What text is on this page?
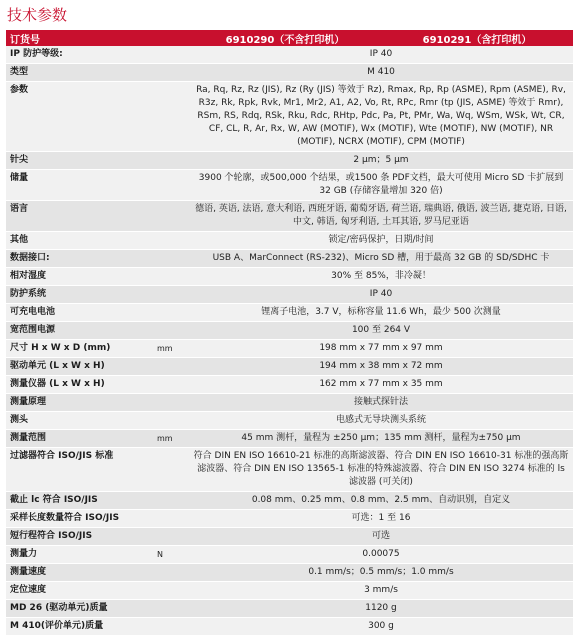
技术参数
订货号		6910290（不含打印机）	6910291（含打印机）
IP 防护等级:		IP 40	
类型		M 410	
参数		Ra, Rq, Rz, Rz (JIS), Rz (Ry (JIS) 等效于 Rz), Rmax, Rp, Rp (ASME), Rpm (ASME), Rv, R3z, Rk, Rpk, Rvk, Mr1, Mr2, A1, A2, Vo, Rt, RPc, Rmr (tp (JIS, ASME) 等效于 Rmr), RSm, RS, Rdq, RSk, Rku, Rdc, RHtp, Pdc, Pa, Pt, PMr, Wa, Wq, WSm, WSk, Wt, CR, CF, CL, R, Ar, Rx, W, AW (MOTIF), Wx (MOTIF), Wte (MOTIF), NW (MOTIF), NR (MOTIF), NCRX (MOTIF), CPM (MOTIF)	
针尖		2 µm；5 µm	
储量		3900 个轮廓，或500,000 个结果，或1500 条 PDF文档，最大可使用 Micro SD 卡扩展到 32 GB (存储容量增加 320 倍)	
语言		德语, 英语, 法语, 意大利语, 西班牙语, 葡萄牙语, 荷兰语, 瑞典语, 俄语, 波兰语, 捷克语, 日语, 中文, 韩语, 匈牙利语, 土耳其语, 罗马尼亚语	
其他		锁定/密码保护，日期/时间	
数据接口:		USB A、MarConnect (RS-232)、Micro SD 槽，用于最高 32 GB 的 SD/SDHC 卡	
相对湿度		30% 至 85%，非冷凝！	
防护系统		IP 40	
可充电电池		锂离子电池，3.7 V，标称容量 11.6 Wh，最少 500 次测量	
宽范围电源		100 至 264 V	
尺寸 H x W x D (mm)	mm	198 mm x 77 mm x 97 mm	
驱动单元 (L x W x H)		194 mm x 38 mm x 72 mm	
测量仪器 (L x W x H)		162 mm x 77 mm x 35 mm	
测量原理		接触式探针法	
测头		电感式无导块测头系统	
测量范围	mm	45 mm 测杆，量程为 ±250 µm；135 mm 测杆，量程为±750 µm	
过滤器符合 ISO/JIS 标准		符合 DIN EN ISO 16610-21 标准的高斯滤波器、符合 DIN EN ISO 16610-31 标准的强高斯滤波器、符合 DIN EN ISO 13565-1 标准的特殊滤波器、符合 DIN EN ISO 3274 标准的 ls 滤波器 (可关闭)	
截止 lc 符合 ISO/JIS		0.08 mm、0.25 mm、0.8 mm、2.5 mm、自动识别，自定义	
采样长度数量符合 ISO/JIS		可选：1 至 16	
短行程符合 ISO/JIS		可选	
测量力	N	0.00075	
测量速度		0.1 mm/s；0.5 mm/s；1.0 mm/s	
定位速度		3 mm/s	
MD 26 (驱动单元)质量		1120 g	
M 410(评价单元)质量		300 g	
